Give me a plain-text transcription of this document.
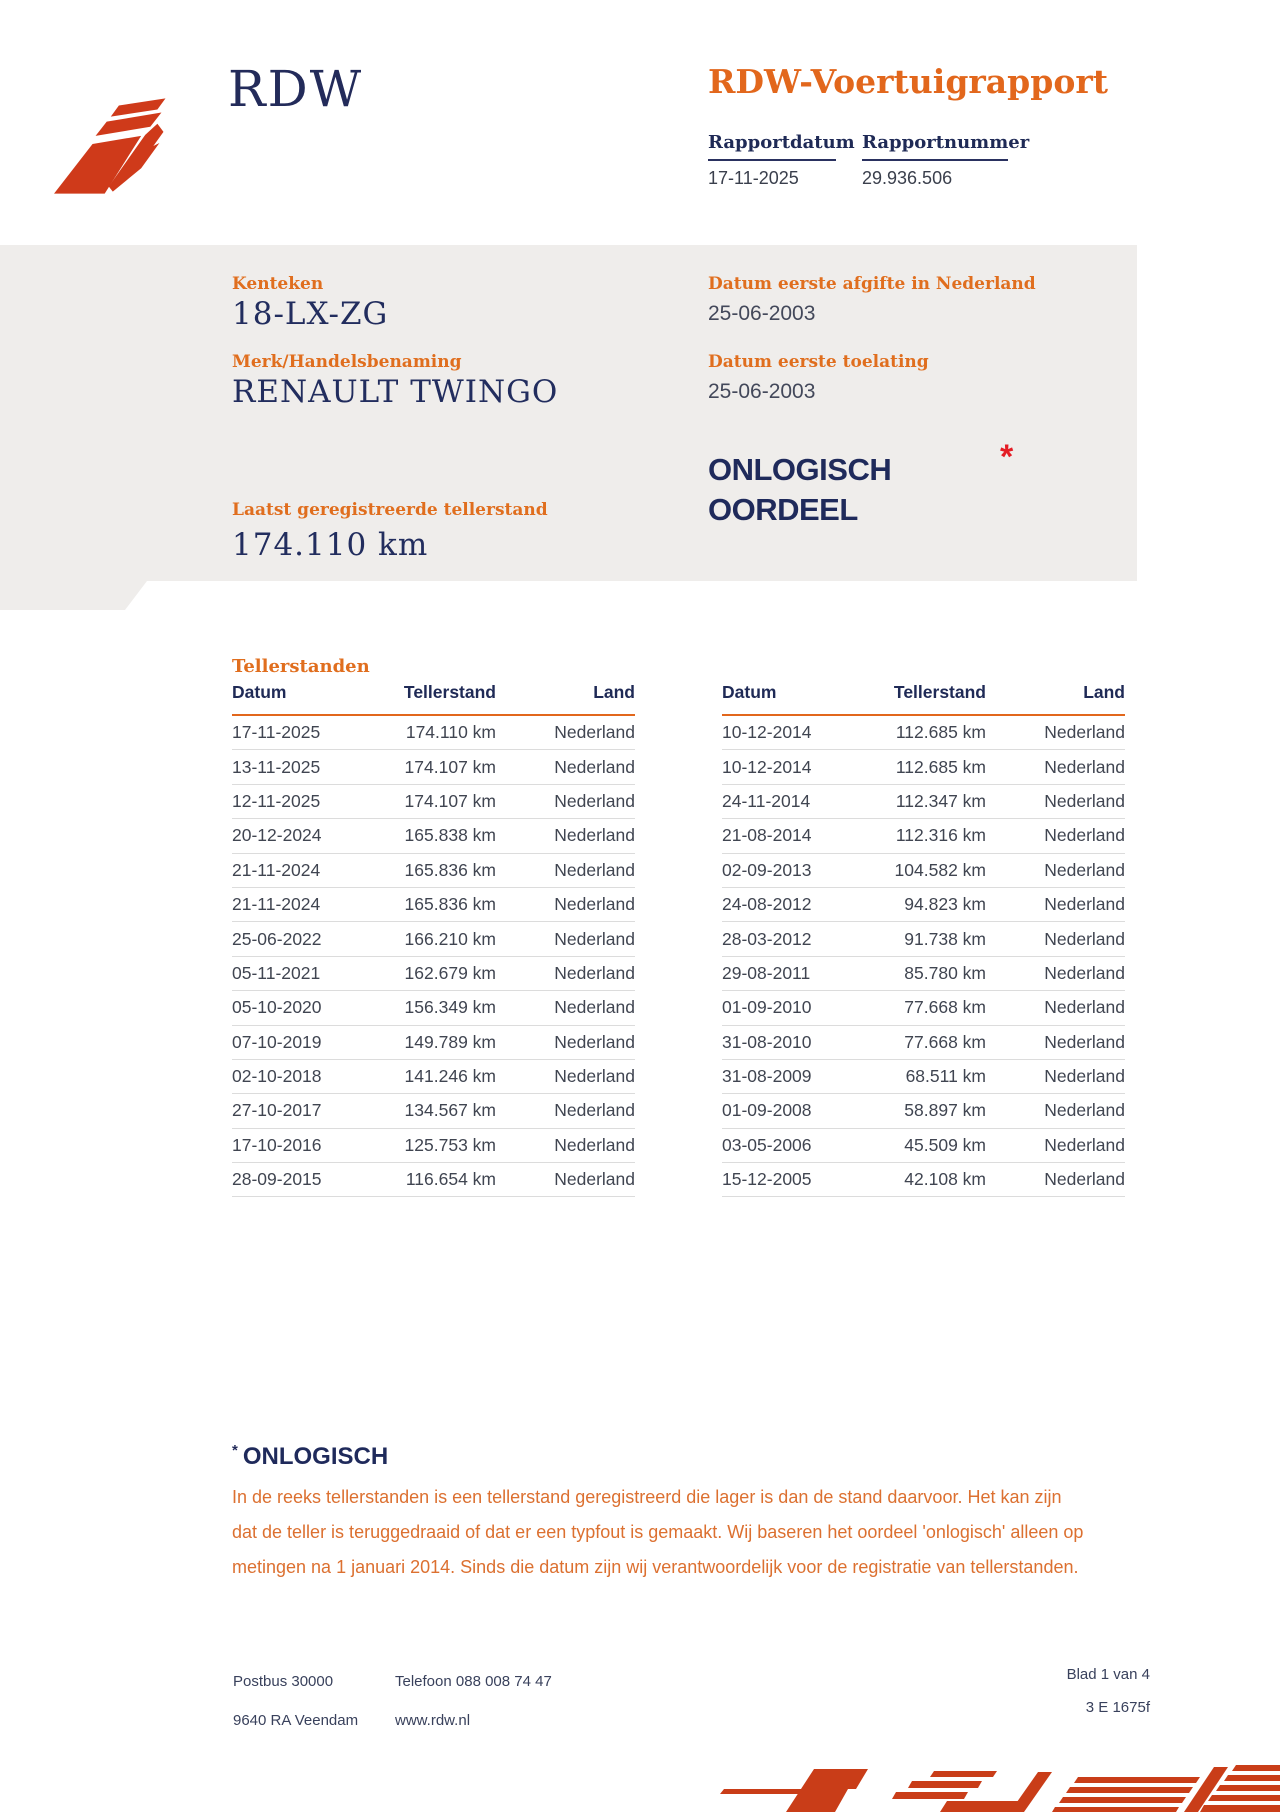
RDW	RDW-Voertuigrapport
Rapportdatum
17-11-2025
Rapportnummer
29.936.506
Kenteken
18-LX-ZG
Merk/Handelsbenaming
RENAULT TWINGO
Laatst geregistreerde tellerstand
174.110 km
Datum eerste afgifte in Nederland
25-06-2003
Datum eerste toelating
25-06-2003
ONLOGISCH
OORDEEL
*
Tellerstanden
Datum	Tellerstand	Land
17-11-2025	174.110 km	Nederland
13-11-2025	174.107 km	Nederland
12-11-2025	174.107 km	Nederland
20-12-2024	165.838 km	Nederland
21-11-2024	165.836 km	Nederland
21-11-2024	165.836 km	Nederland
25-06-2022	166.210 km	Nederland
05-11-2021	162.679 km	Nederland
05-10-2020	156.349 km	Nederland
07-10-2019	149.789 km	Nederland
02-10-2018	141.246 km	Nederland
27-10-2017	134.567 km	Nederland
17-10-2016	125.753 km	Nederland
28-09-2015	116.654 km	Nederland
Datum	Tellerstand	Land
10-12-2014	112.685 km	Nederland
10-12-2014	112.685 km	Nederland
24-11-2014	112.347 km	Nederland
21-08-2014	112.316 km	Nederland
02-09-2013	104.582 km	Nederland
24-08-2012	94.823 km	Nederland
28-03-2012	91.738 km	Nederland
29-08-2011	85.780 km	Nederland
01-09-2010	77.668 km	Nederland
31-08-2010	77.668 km	Nederland
31-08-2009	68.511 km	Nederland
01-09-2008	58.897 km	Nederland
03-05-2006	45.509 km	Nederland
15-12-2005	42.108 km	Nederland
* ONLOGISCH
In de reeks tellerstanden is een tellerstand geregistreerd die lager is dan de stand daarvoor. Het kan zijn
dat de teller is teruggedraaid of dat er een typfout is gemaakt. Wij baseren het oordeel 'onlogisch' alleen op
metingen na 1 januari 2014. Sinds die datum zijn wij verantwoordelijk voor de registratie van tellerstanden.
Postbus 30000
9640 RA Veendam
Telefoon 088 008 74 47
www.rdw.nl
Blad 1 van 4
3 E 1675f
